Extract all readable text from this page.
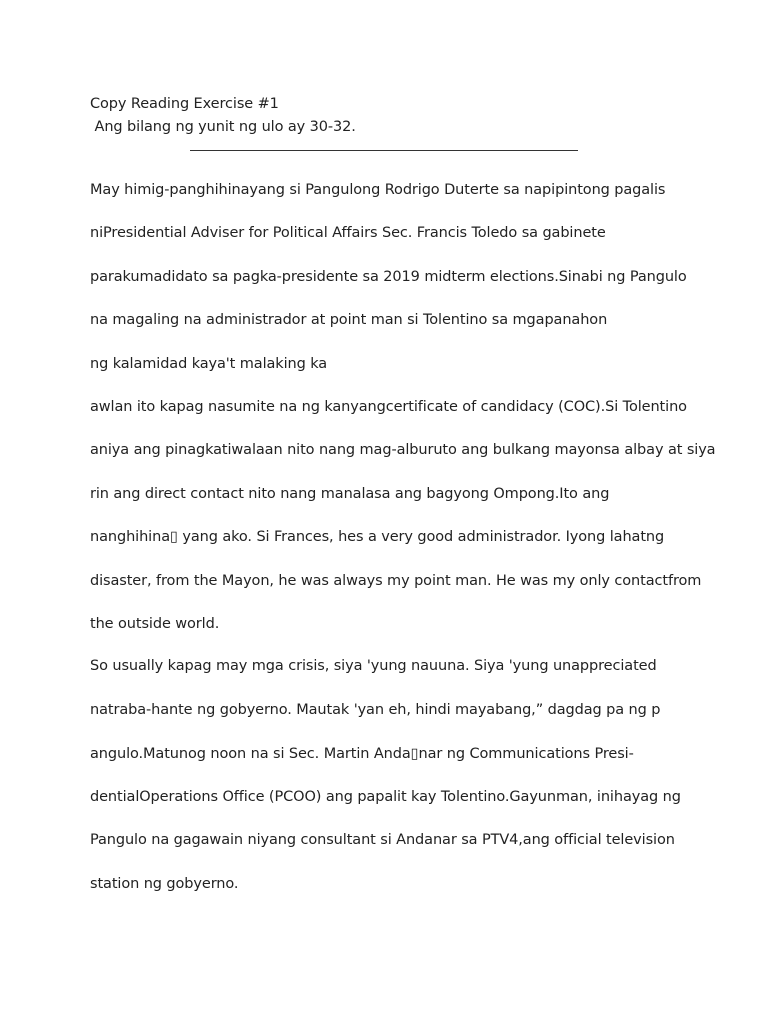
Copy Reading Exercise #1
Ang bilang ng yunit ng ulo ay 30-32.
May himig-panghihinayang si Pangulong Rodrigo Duterte sa napipintong pagalis
niPresidential Adviser for Political Affairs Sec. Francis Toledo sa gabinete
parakumadidato sa pagka-presidente sa 2019 midterm elections.Sinabi ng Pangulo
na magaling na administrador at point man si Tolentino sa mgapanahon
ng kalamidad kaya't malaking ka
awlan ito kapag nasumite na ng kanyangcertificate of candidacy (COC).Si Tolentino
aniya ang pinagkatiwalaan nito nang mag-alburuto ang bulkang mayonsa albay at siya
rin ang direct contact nito nang manalasa ang bagyong Ompong.Ito ang
nanghihina▯ yang ako. Si Frances, hes a very good administrador. Iyong lahatng
disaster, from the Mayon, he was always my point man. He was my only contactfrom
the outside world.
So usually kapag may mga crisis, siya 'yung nauuna. Siya 'yung unappreciated
natraba-hante ng gobyerno. Mautak 'yan eh, hindi mayabang,” dagdag pa ng p
angulo.Matunog noon na si Sec. Martin Anda▯nar ng Communications Presi-
dentialOperations Office (PCOO) ang papalit kay Tolentino.Gayunman, inihayag ng
Pangulo na gagawain niyang consultant si Andanar sa PTV4,ang official television
station ng gobyerno.
